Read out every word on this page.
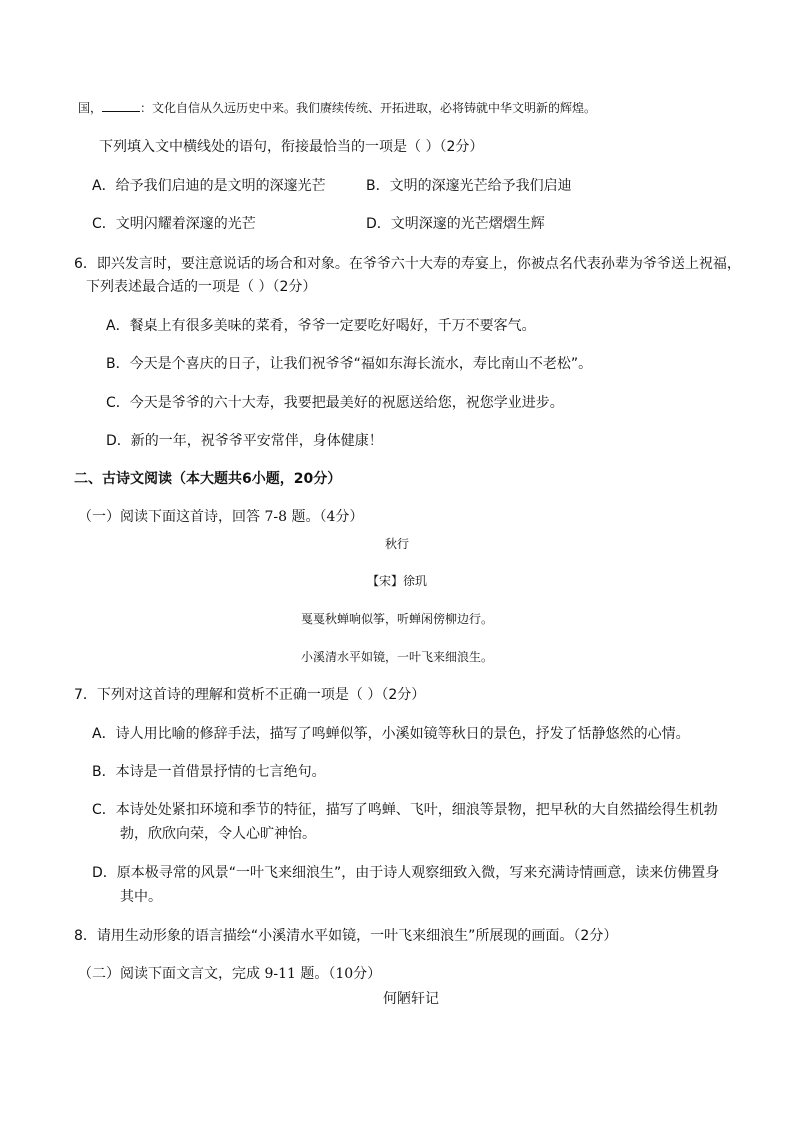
国，	：文化自信从久远历史中来。我们赓续传统、开拓进取，必将铸就中华文明新的辉煌。
下列填入文中横线处的语句，衔接最恰当的一项是（ ）（2分）
A．给予我们启迪的是文明的深邃光芒	B．文明的深邃光芒给予我们启迪
C．文明闪耀着深邃的光芒	D．文明深邃的光芒熠熠生辉
6．即兴发言时，要注意说话的场合和对象。在爷爷六十大寿的寿宴上，你被点名代表孙辈为爷爷送上祝福，
下列表述最合适的一项是（ ）（2分）
A．餐桌上有很多美味的菜肴，爷爷一定要吃好喝好，千万不要客气。
B．今天是个喜庆的日子，让我们祝爷爷“福如东海长流水，寿比南山不老松”。
C．今天是爷爷的六十大寿，我要把最美好的祝愿送给您，祝您学业进步。
D．新的一年，祝爷爷平安常伴，身体健康！
二、古诗文阅读（本大题共6小题，20分）
（一）阅读下面这首诗，回答 7-8 题。（4分）
秋行
【宋】徐玑
戛戛秋蝉响似筝，听蝉闲傍柳边行。
小溪清水平如镜，一叶飞来细浪生。
7．下列对这首诗的理解和赏析不正确一项是（ ）（2分）
A．诗人用比喻的修辞手法，描写了鸣蝉似筝，小溪如镜等秋日的景色，抒发了恬静悠然的心情。
B．本诗是一首借景抒情的七言绝句。
C．本诗处处紧扣环境和季节的特征，描写了鸣蝉、飞叶，细浪等景物，把早秋的大自然描绘得生机勃
勃，欣欣向荣，令人心旷神怡。
D．原本极寻常的风景“一叶飞来细浪生”，由于诗人观察细致入微，写来充满诗情画意，读来仿佛置身
其中。
8．请用生动形象的语言描绘“小溪清水平如镜，一叶飞来细浪生”所展现的画面。（2分）
（二）阅读下面文言文，完成 9-11 题。（10分）
何陋轩记
